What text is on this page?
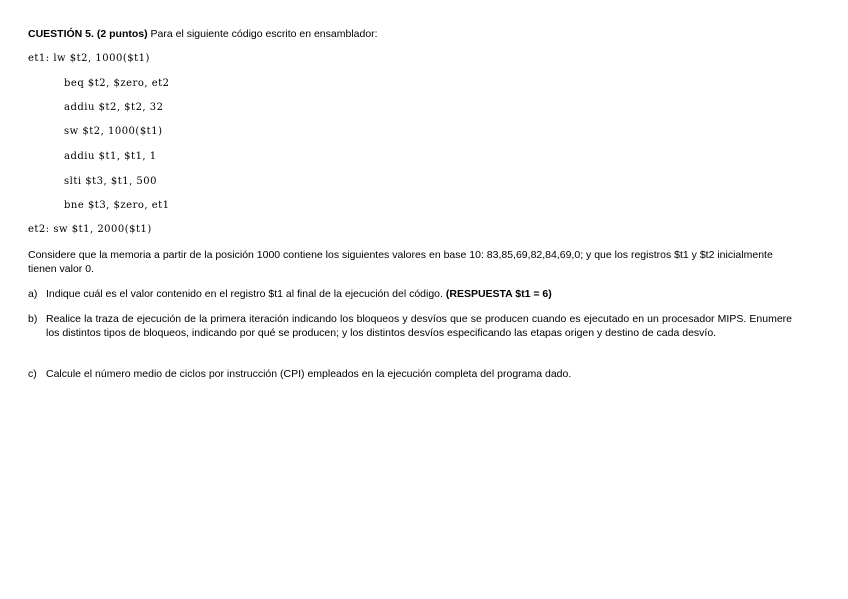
CUESTIÓN 5. (2 puntos) Para el siguiente código escrito en ensamblador:
et1: lw $t2, 1000($t1)
beq $t2, $zero, et2
addiu $t2, $t2, 32
sw $t2, 1000($t1)
addiu $t1, $t1, 1
slti $t3, $t1, 500
bne $t3, $zero, et1
et2: sw $t1, 2000($t1)
Considere que la memoria a partir de la posición 1000 contiene los siguientes valores en base 10: 83,85,69,82,84,69,0; y que los registros $t1 y $t2 inicialmente tienen valor 0.
a) Indique cuál es el valor contenido en el registro $t1 al final de la ejecución del código. (RESPUESTA $t1 = 6)
b) Realice la traza de ejecución de la primera iteración indicando los bloqueos y desvíos que se producen cuando es ejecutado en un procesador MIPS. Enumere los distintos tipos de bloqueos, indicando por qué se producen; y los distintos desvíos especificando las etapas origen y destino de cada desvío.
c) Calcule el número medio de ciclos por instrucción (CPI) empleados en la ejecución completa del programa dado.
